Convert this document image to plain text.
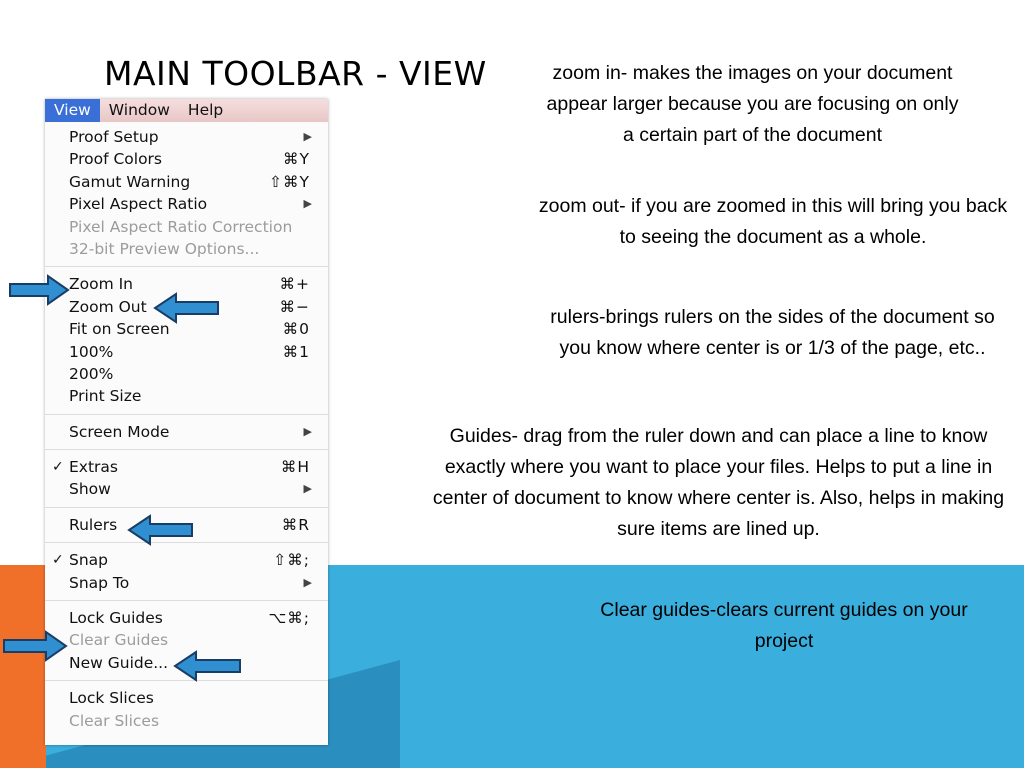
MAIN TOOLBAR - VIEW	zoom in- makes the images on your document appear larger because you are focusing on only a certain part of the document
zoom out- if you are zoomed in this will bring you back to seeing the document as a whole.
rulers-brings rulers on the sides of the document so you know where center is or 1/3 of the page, etc..
Guides- drag from the ruler down and can place a line to know exactly where you want to place your files. Helps to put a line in center of document to know where center is. Also, helps in making sure items are lined up.
Clear guides-clears current guides on your project
View	Window	Help
Proof Setup	▶
Proof Colors	⌘Y
Gamut Warning	⇧⌘Y
Pixel Aspect Ratio	▶
Pixel Aspect Ratio Correction
32-bit Preview Options...
Zoom In	⌘+
Zoom Out	⌘−
Fit on Screen	⌘0
100%	⌘1
200%
Print Size
Screen Mode	▶
✓ Extras	⌘H
Show	▶
Rulers	⌘R
✓ Snap	⇧⌘;
Snap To	▶
Lock Guides	⌥⌘;
Clear Guides
New Guide...
Lock Slices
Clear Slices
